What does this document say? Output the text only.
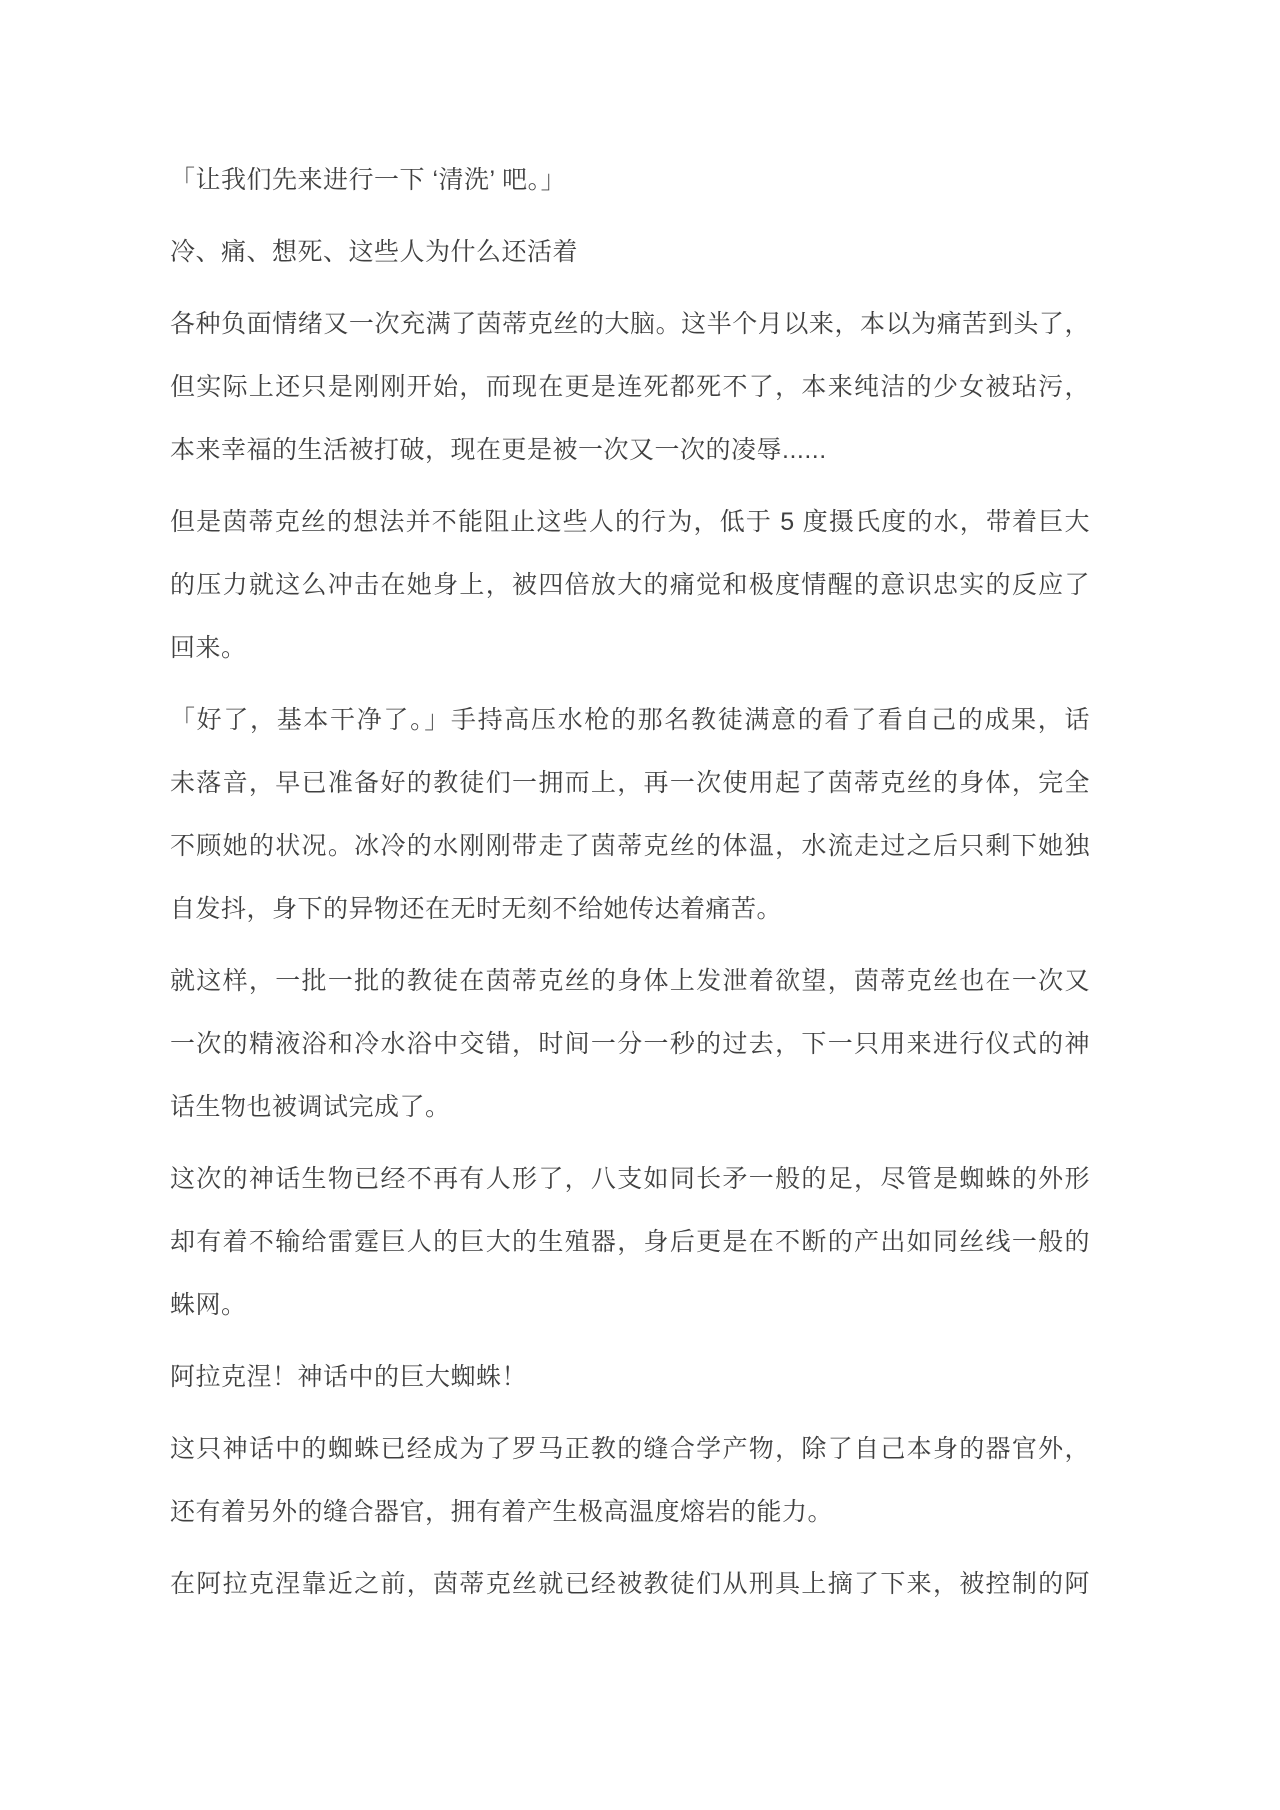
「让我们先来进行一下 ‘清洗’ 吧。」
冷、痛、想死、这些人为什么还活着
各种负面情绪又一次充满了茵蒂克丝的大脑。这半个月以来，本以为痛苦到头了，
但实际上还只是刚刚开始，而现在更是连死都死不了，本来纯洁的少女被玷污，
本来幸福的生活被打破，现在更是被一次又一次的凌辱......
但是茵蒂克丝的想法并不能阻止这些人的行为，低于 5 度摄氏度的水，带着巨大
的压力就这么冲击在她身上，被四倍放大的痛觉和极度情醒的意识忠实的反应了
回来。
「好了，基本干净了。」手持高压水枪的那名教徒满意的看了看自己的成果，话
未落音，早已准备好的教徒们一拥而上，再一次使用起了茵蒂克丝的身体，完全
不顾她的状况。冰冷的水刚刚带走了茵蒂克丝的体温，水流走过之后只剩下她独
自发抖，身下的异物还在无时无刻不给她传达着痛苦。
就这样，一批一批的教徒在茵蒂克丝的身体上发泄着欲望，茵蒂克丝也在一次又
一次的精液浴和冷水浴中交错，时间一分一秒的过去，下一只用来进行仪式的神
话生物也被调试完成了。
这次的神话生物已经不再有人形了，八支如同长矛一般的足，尽管是蜘蛛的外形
却有着不输给雷霆巨人的巨大的生殖器，身后更是在不断的产出如同丝线一般的
蛛网。
阿拉克涅！神话中的巨大蜘蛛！
这只神话中的蜘蛛已经成为了罗马正教的缝合学产物，除了自己本身的器官外，
还有着另外的缝合器官，拥有着产生极高温度熔岩的能力。
在阿拉克涅靠近之前，茵蒂克丝就已经被教徒们从刑具上摘了下来，被控制的阿
